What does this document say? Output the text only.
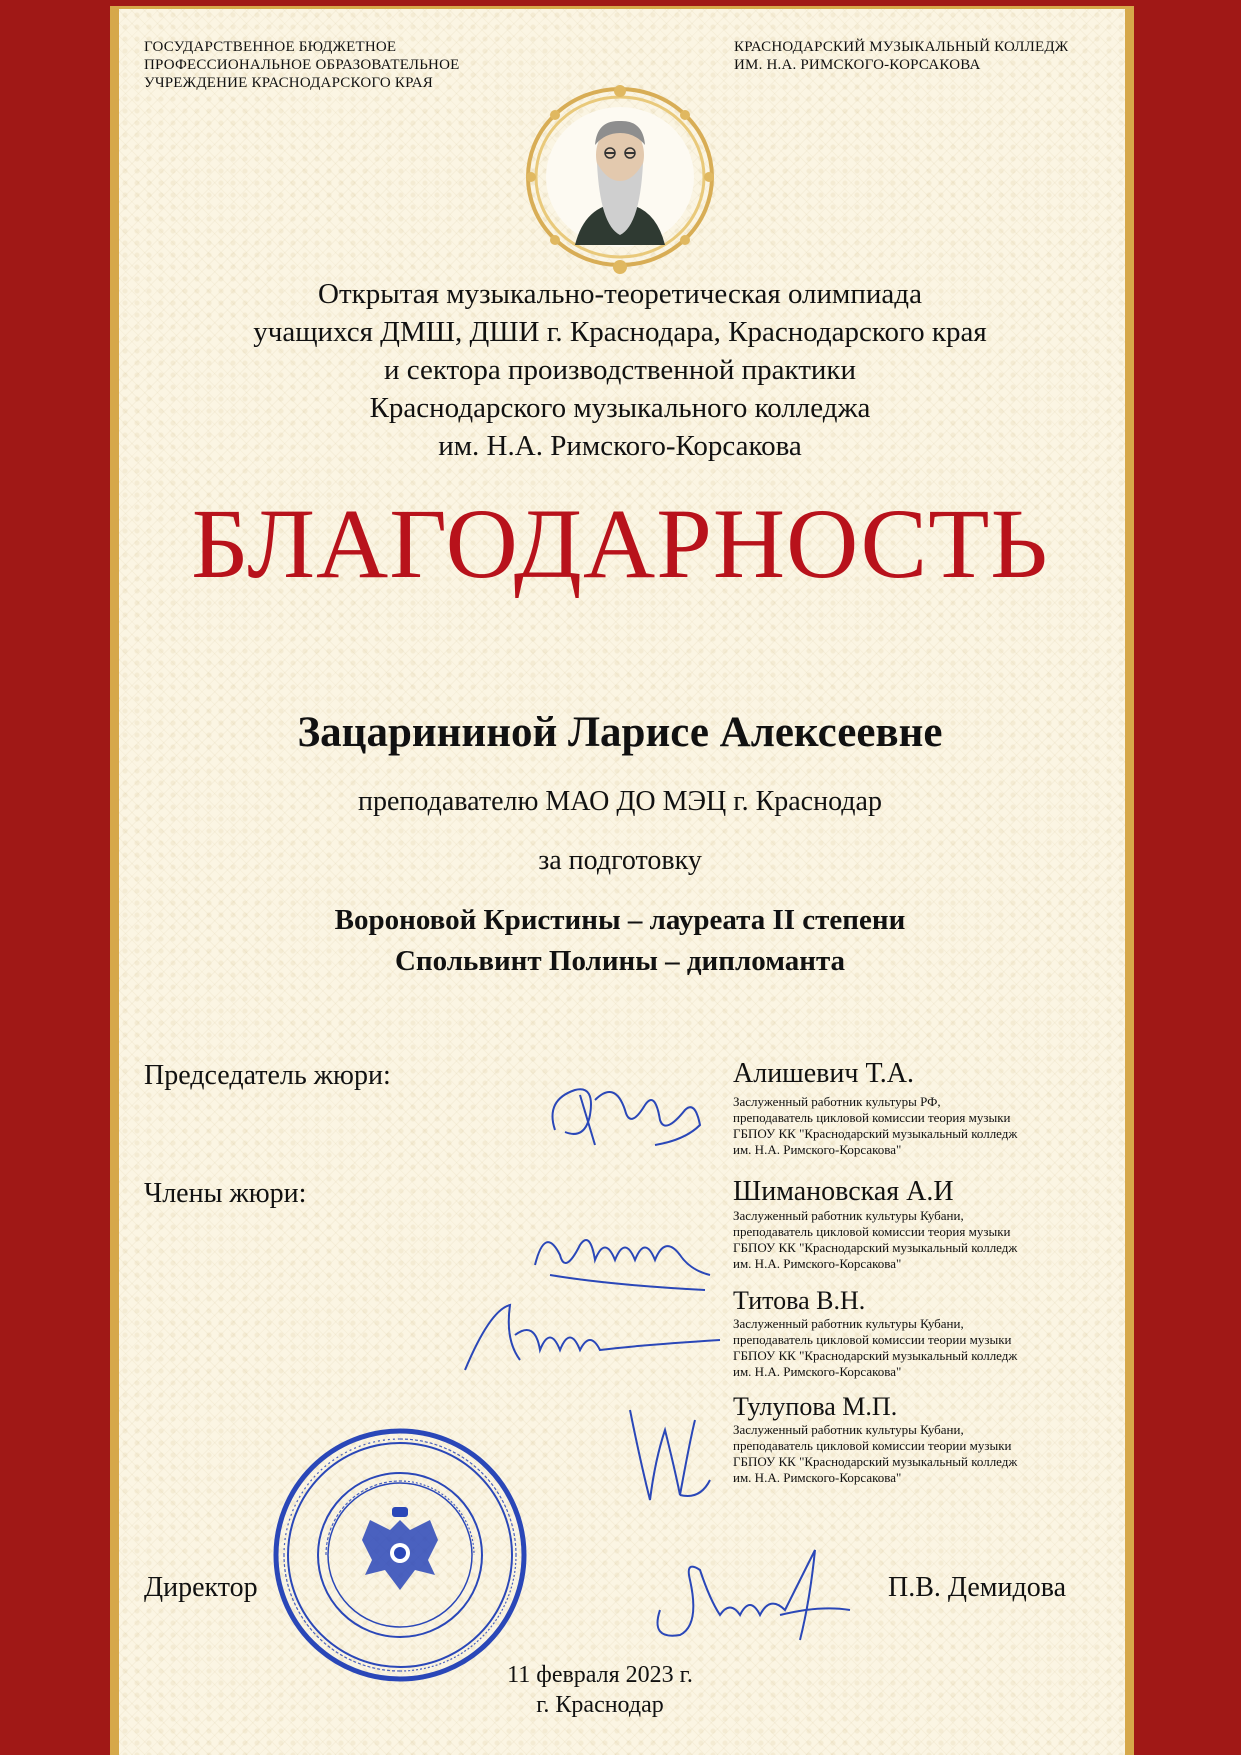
ГОСУДАРСТВЕННОЕ БЮДЖЕТНОЕ

ПРОФЕССИОНАЛЬНОЕ ОБРАЗОВАТЕЛЬНОЕ

УЧРЕЖДЕНИЕ КРАСНОДАРСКОГО КРАЯ

КРАСНОДАРСКИЙ МУЗЫКАЛЬНЫЙ КОЛЛЕДЖ

ИМ. Н.А. РИМСКОГО-КОРСАКОВА

Открытая музыкально-теоретическая олимпиада

учащихся ДМШ, ДШИ г. Краснодара, Краснодарского края

и сектора производственной практики

Краснодарского музыкального колледжа

им. Н.А. Римского-Корсакова

БЛАГОДАРНОСТЬ
Зацарининой Ларисе Алексеевне
преподавателю МАО ДО МЭЦ г. Краснодар
за подготовку

Вороновой Кристины – лауреата II степени

Спольвинт Полины – дипломанта

Председатель жюри:
Члены жюри:
Алишевич Т.А.

Заслуженный работник культуры РФ,

преподаватель цикловой комиссии теория музыки

ГБПОУ КК "Краснодарский музыкальный колледж

им. Н.А. Римского-Корсакова"

Шимановская А.И

Заслуженный работник культуры Кубани,

преподаватель цикловой комиссии теория музыки

ГБПОУ КК "Краснодарский музыкальный колледж

им. Н.А. Римского-Корсакова"

Титова В.Н.

Заслуженный работник культуры Кубани,

преподаватель цикловой комиссии теории музыки

ГБПОУ КК "Краснодарский музыкальный колледж

им. Н.А. Римского-Корсакова"

Тулупова М.П.

Заслуженный работник культуры Кубани,

преподаватель цикловой комиссии теории музыки

ГБПОУ КК "Краснодарский музыкальный колледж

им. Н.А. Римского-Корсакова"

Директор	П.В. Демидова

11 февраля 2023 г.

г. Краснодар
